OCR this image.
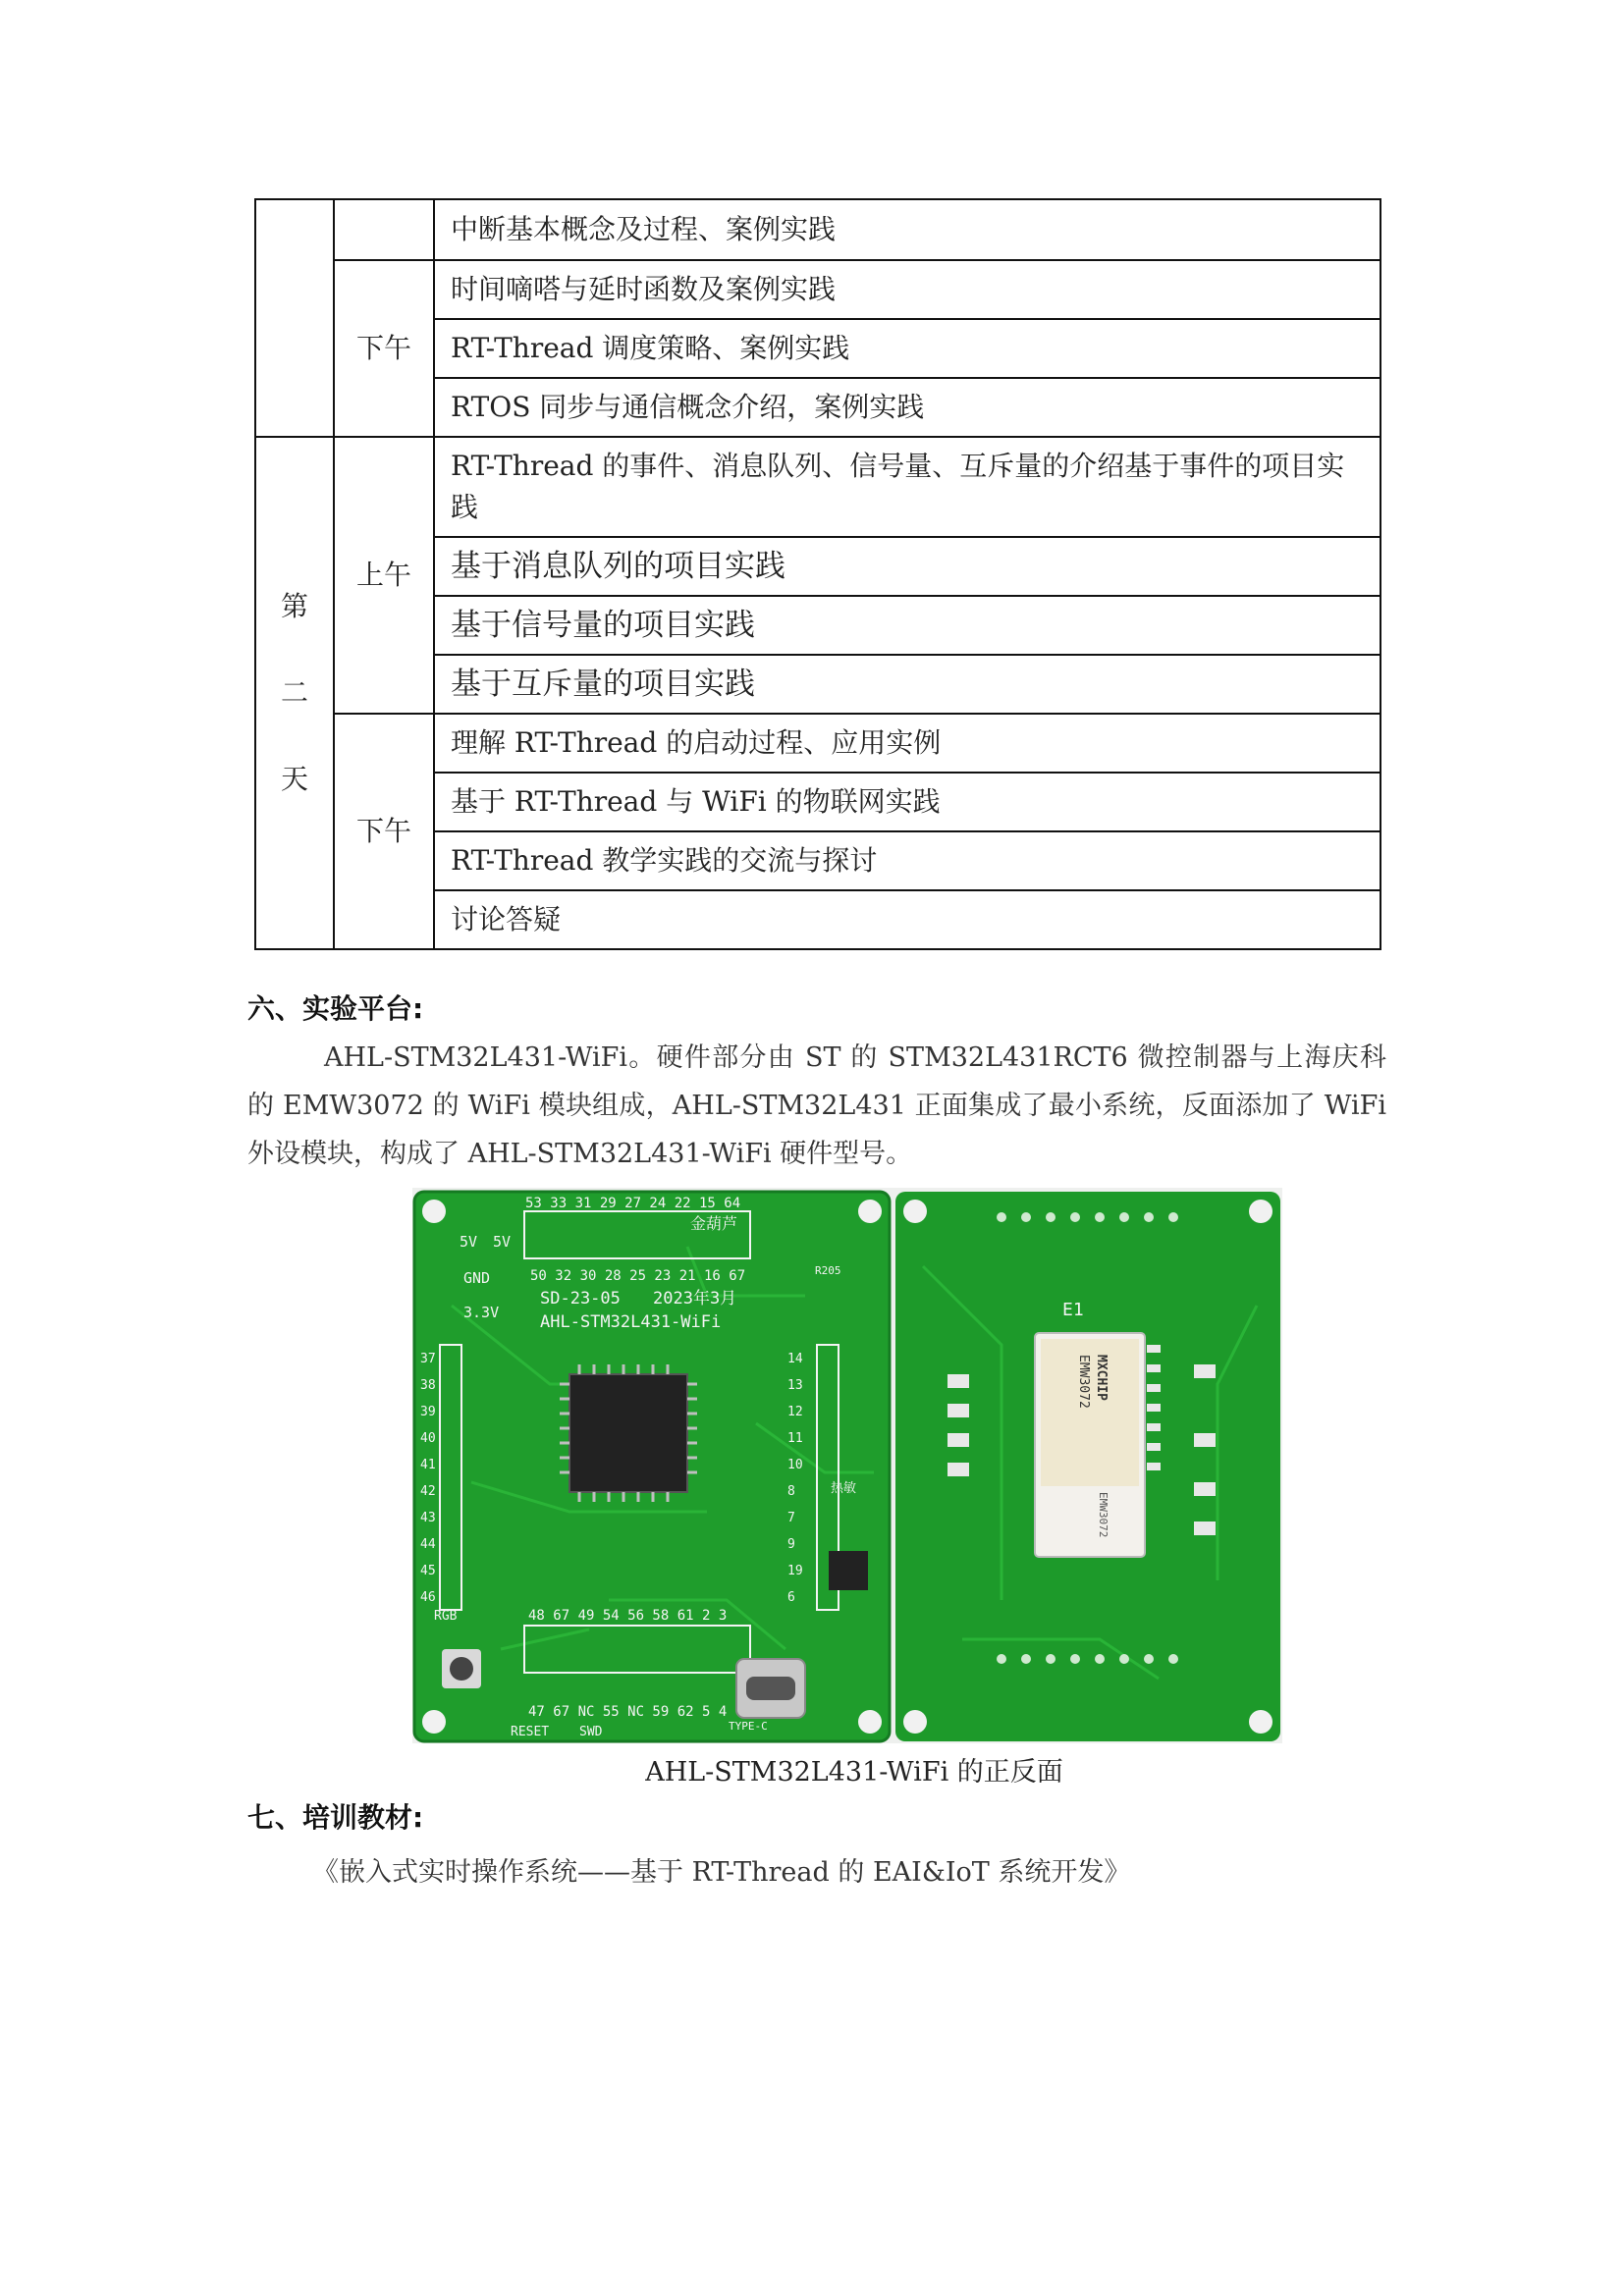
		中断基本概念及过程、案例实践
	下午	时间嘀嗒与延时函数及案例实践
		RT-Thread 调度策略、案例实践
		RTOS 同步与通信概念介绍，案例实践
第
二
天	上午	RT-Thread 的事件、消息队列、信号量、互斥量的介绍基于事件的项目实践
		基于消息队列的项目实践
		基于信号量的项目实践
		基于互斥量的项目实践
	下午	理解 RT-Thread 的启动过程、应用实例
		基于 RT-Thread 与 WiFi 的物联网实践
		RT-Thread 教学实践的交流与探讨
		讨论答疑
六、实验平台:
AHL-STM32L431-WiFi。硬件部分由 ST 的 STM32L431RCT6 微控制器与上海庆科的 EMW3072 的 WiFi 模块组成，AHL-STM32L431 正面集成了最小系统，反面添加了 WiFi 外设模块，构成了 AHL-STM32L431-WiFi 硬件型号。
53 33 31 29 27 24 22 15 64
金葫芦
5V 5V
GND
3.3V
50 32 30 28 25 23 21 16 67
SD-23-05 2023年3月
AHL-STM32L431-WiFi
R205
热敏
48 67 49 54 56 58 61 2 3
47 67 NC 55 NC 59 62 5 4
RGB
RESET SWD	TYPE-C
37
38
39
40
41
42
43
44
45
46
14
13
12
11
10
8
7
9
19
6
E1
MXCHIP
EMW3072
EMW3072
AHL-STM32L431-WiFi 的正反面
七、培训教材:
《嵌入式实时操作系统——基于 RT-Thread 的 EAI&IoT 系统开发》
